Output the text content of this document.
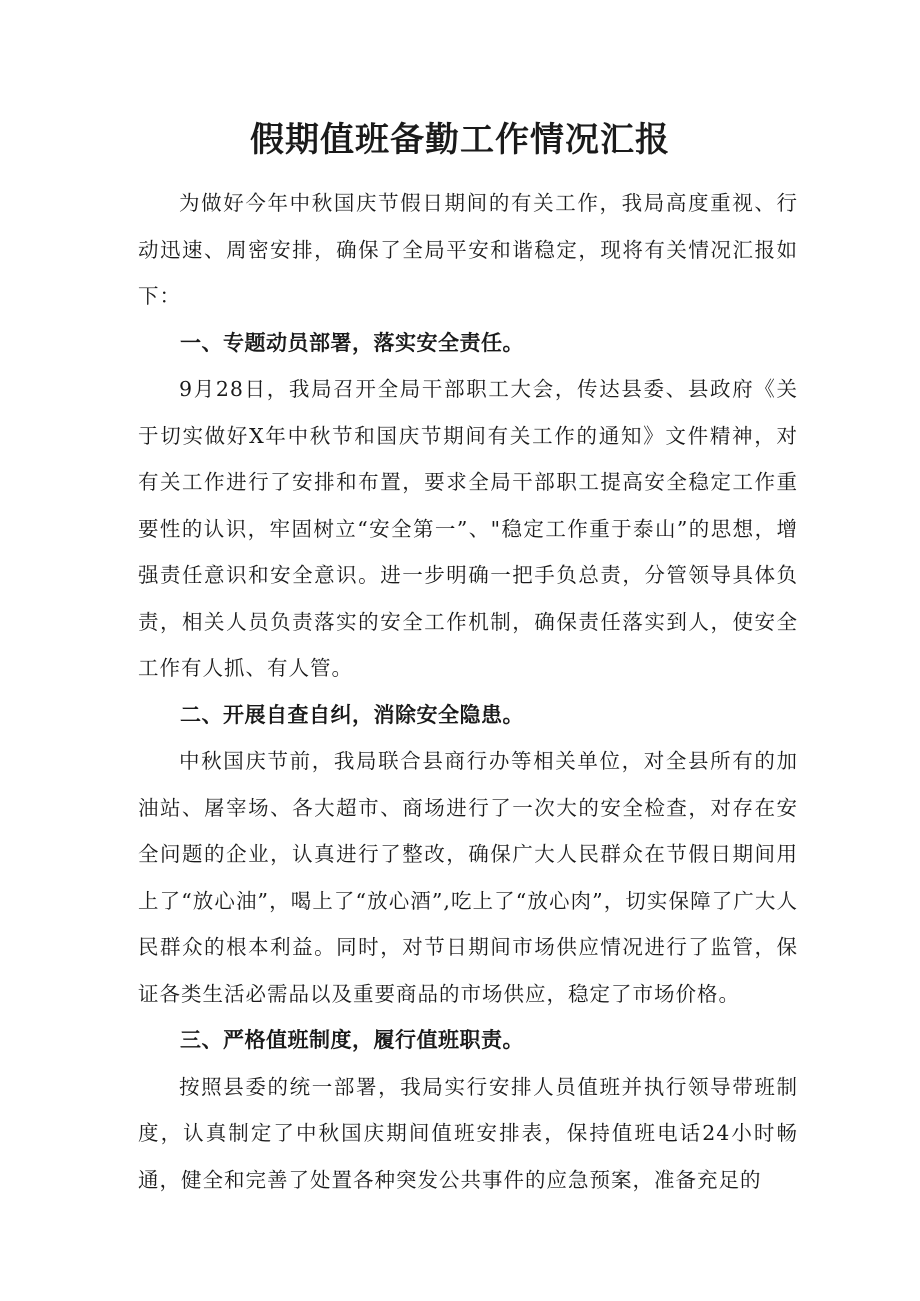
假期值班备勤工作情况汇报

为做好今年中秋国庆节假日期间的有关工作，我局高度重视、行动迅速、周密安排，确保了全局平安和谐稳定，现将有关情况汇报如下：

一、专题动员部署，落实安全责任。

9月28日，我局召开全局干部职工大会，传达县委、县政府《关于切实做好X年中秋节和国庆节期间有关工作的通知》文件精神，对有关工作进行了安排和布置，要求全局干部职工提高安全稳定工作重要性的认识，牢固树立“安全第一”、"稳定工作重于泰山”的思想，增强责任意识和安全意识。进一步明确一把手负总责，分管领导具体负责，相关人员负责落实的安全工作机制，确保责任落实到人，使安全工作有人抓、有人管。

二、开展自查自纠，消除安全隐患。

中秋国庆节前，我局联合县商行办等相关单位，对全县所有的加油站、屠宰场、各大超市、商场进行了一次大的安全检查，对存在安全问题的企业，认真进行了整改，确保广大人民群众在节假日期间用上了“放心油”，喝上了“放心酒”,吃上了“放心肉”，切实保障了广大人民群众的根本利益。同时，对节日期间市场供应情况进行了监管，保证各类生活必需品以及重要商品的市场供应，稳定了市场价格。

三、严格值班制度，履行值班职责。

按照县委的统一部署，我局实行安排人员值班并执行领导带班制度，认真制定了中秋国庆期间值班安排表，保持值班电话24小时畅通，健全和完善了处置各种突发公共事件的应急预案，准备充足的
